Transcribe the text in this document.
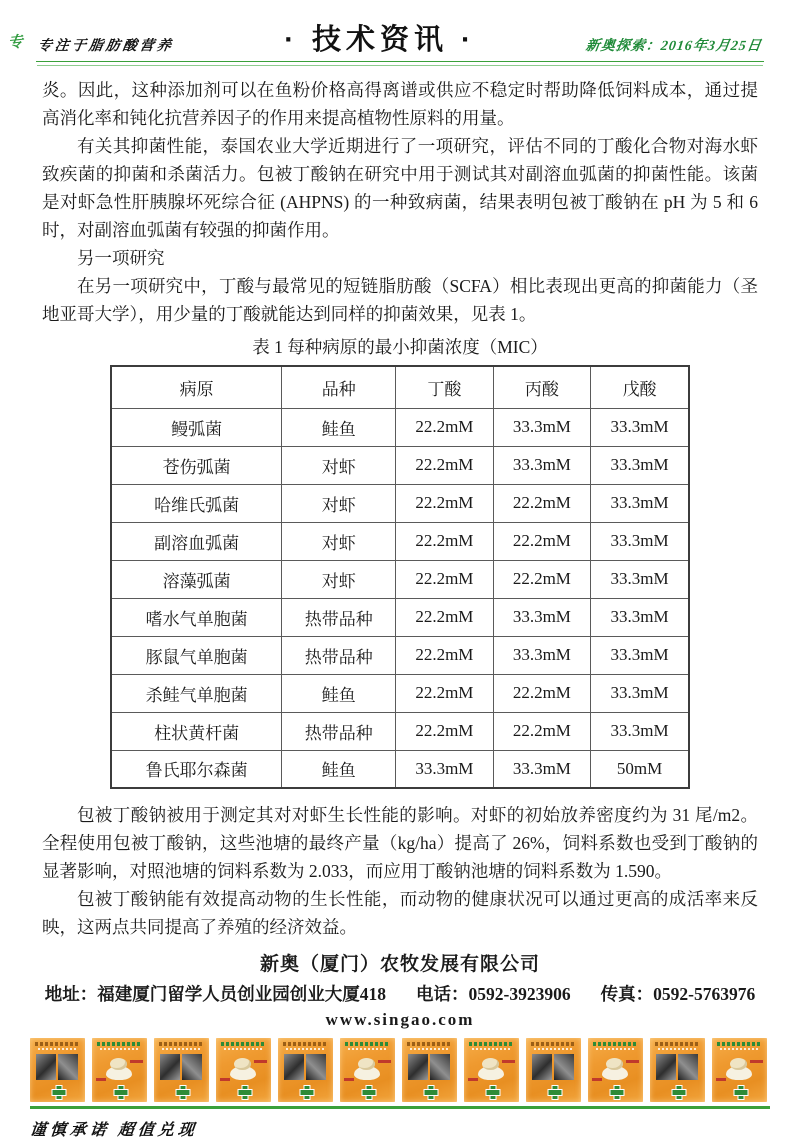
专 专注于脂肪酸营养	· 技术资讯 ·	新奥探索：2016年3月25日

炎。因此，这种添加剂可以在鱼粉价格高得离谱或供应不稳定时帮助降低饲料成本，通过提高消化率和钝化抗营养因子的作用来提高植物性原料的用量。

有关其抑菌性能，泰国农业大学近期进行了一项研究，评估不同的丁酸化合物对海水虾致疾菌的抑菌和杀菌活力。包被丁酸钠在研究中用于测试其对副溶血弧菌的抑菌性能。该菌是对虾急性肝胰腺坏死综合征 (AHPNS) 的一种致病菌，结果表明包被丁酸钠在 pH 为 5 和 6 时，对副溶血弧菌有较强的抑菌作用。

另一项研究

在另一项研究中，丁酸与最常见的短链脂肪酸（SCFA）相比表现出更高的抑菌能力（圣地亚哥大学），用少量的丁酸就能达到同样的抑菌效果，见表 1。

表 1 每种病原的最小抑菌浓度（MIC）
病原	品种	丁酸	丙酸	戊酸
鳗弧菌	鲑鱼	22.2mM	33.3mM	33.3mM
苍伤弧菌	对虾	22.2mM	33.3mM	33.3mM
哈维氏弧菌	对虾	22.2mM	22.2mM	33.3mM
副溶血弧菌	对虾	22.2mM	22.2mM	33.3mM
溶藻弧菌	对虾	22.2mM	22.2mM	33.3mM
嗜水气单胞菌	热带品种	22.2mM	33.3mM	33.3mM
豚鼠气单胞菌	热带品种	22.2mM	33.3mM	33.3mM
杀鲑气单胞菌	鲑鱼	22.2mM	22.2mM	33.3mM
柱状黄杆菌	热带品种	22.2mM	22.2mM	33.3mM
鲁氏耶尔森菌	鲑鱼	33.3mM	33.3mM	50mM

包被丁酸钠被用于测定其对对虾生长性能的影响。对虾的初始放养密度约为 31 尾/m2。全程使用包被丁酸钠，这些池塘的最终产量（kg/ha）提高了 26%，饲料系数也受到丁酸钠的显著影响，对照池塘的饲料系数为 2.033，而应用丁酸钠池塘的饲料系数为 1.590。

包被丁酸钠能有效提高动物的生长性能，而动物的健康状况可以通过更高的成活率来反映，这两点共同提高了养殖的经济效益。

新奥（厦门）农牧发展有限公司
地址：福建厦门留学人员创业园创业大厦418 电话：0592-3923906 传真：0592-5763976
www.singao.com
谨慎承诺 超值兑现
